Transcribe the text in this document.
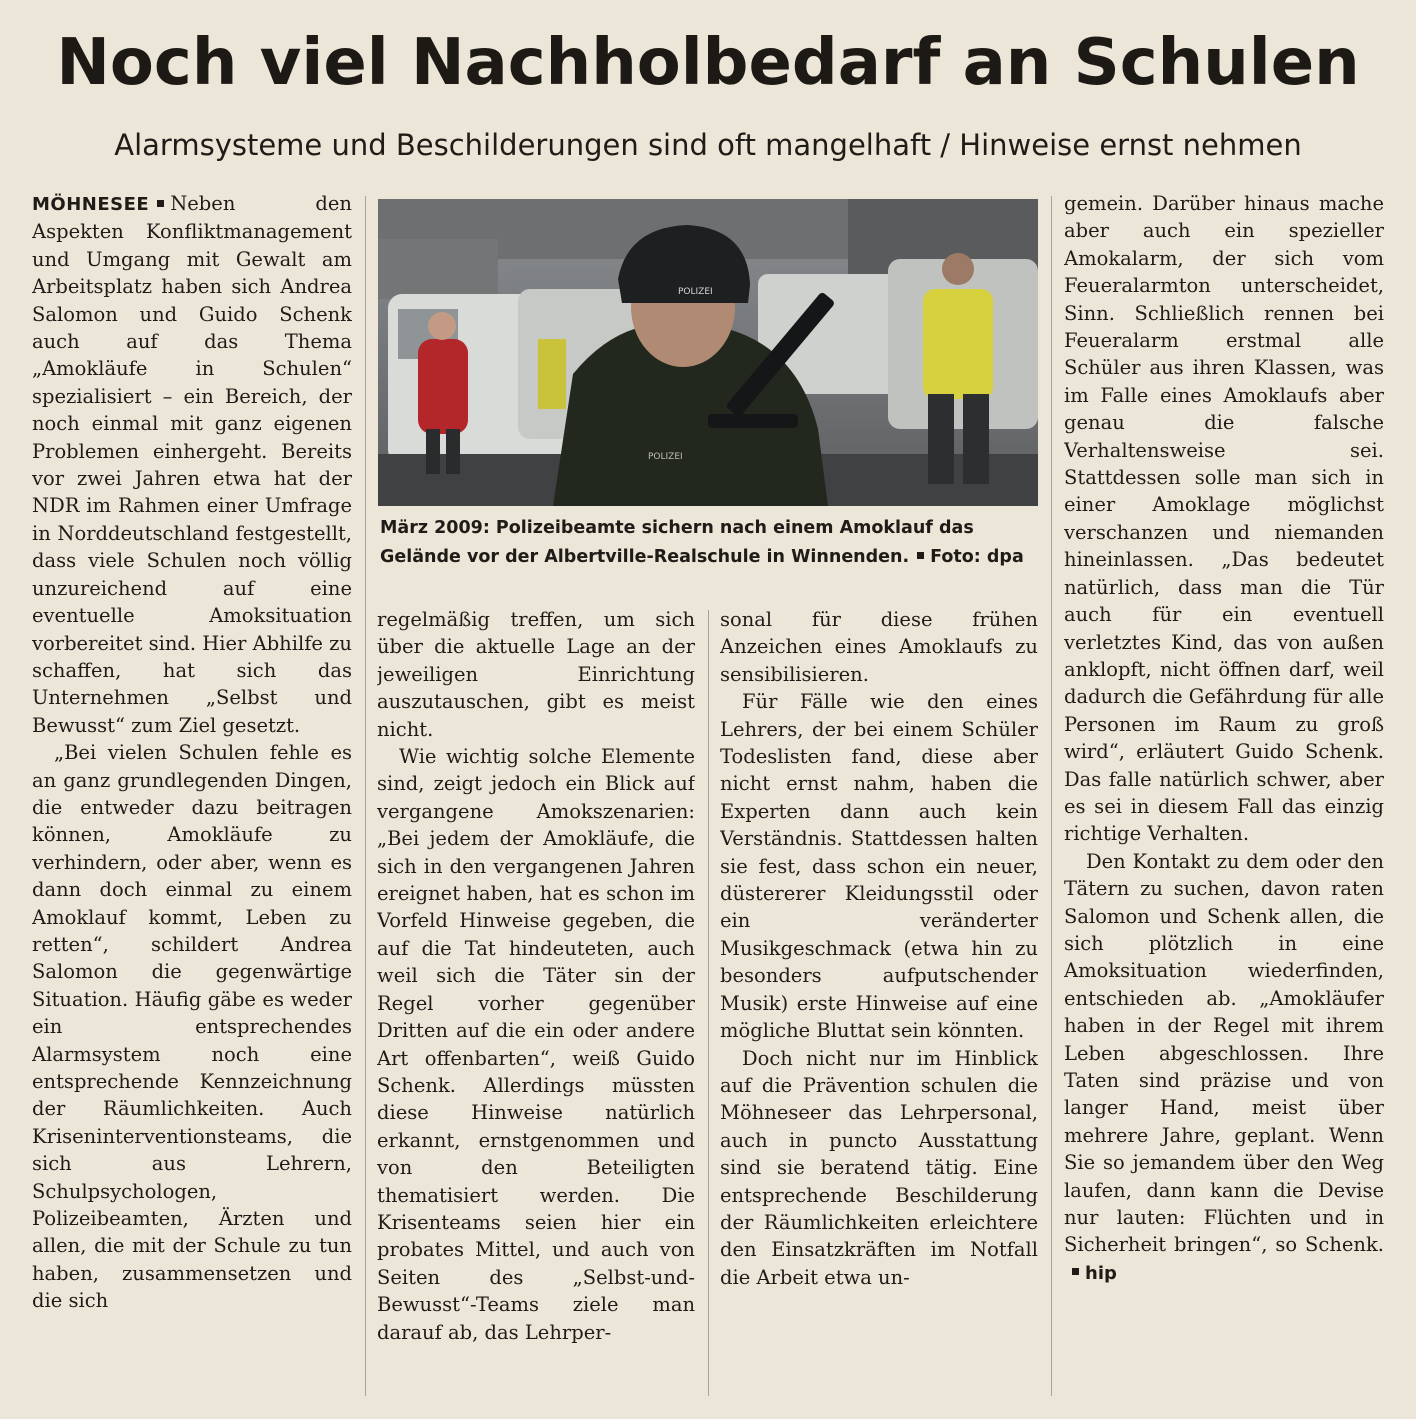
Noch viel Nachholbedarf an Schulen
Alarmsysteme und Beschilderungen sind oft mangelhaft / Hinweise ernst nehmen

MÖHNESEE Neben den Aspekten Konfliktmanagement und Umgang mit Gewalt am Arbeitsplatz haben sich Andrea Salomon und Guido Schenk auch auf das Thema „Amokläufe in Schulen“ spezialisiert – ein Bereich, der noch einmal mit ganz eigenen Problemen einhergeht. Bereits vor zwei Jahren etwa hat der NDR im Rahmen einer Umfrage in Norddeutschland festgestellt, dass viele Schulen noch völlig unzureichend auf eine eventuelle Amoksituation vorbereitet sind. Hier Abhilfe zu schaffen, hat sich das Unternehmen „Selbst und Bewusst“ zum Ziel gesetzt.

„Bei vielen Schulen fehle es an ganz grundlegenden Dingen, die entweder dazu beitragen können, Amokläufe zu verhindern, oder aber, wenn es dann doch einmal zu einem Amoklauf kommt, Leben zu retten“, schildert Andrea Salomon die gegenwärtige Situation. Häufig gäbe es weder ein entsprechendes Alarmsystem noch eine entsprechende Kennzeichnung der Räumlichkeiten. Auch Kriseninterventionsteams, die sich aus Lehrern, Schulpsychologen, Polizeibeamten, Ärzten und allen, die mit der Schule zu tun haben, zusammensetzen und die sich

POLIZEI
POLIZEI
März 2009: Polizeibeamte sichern nach einem Amoklauf das Gelände vor der Albertville-Realschule in Winnenden. Foto: dpa

regelmäßig treffen, um sich über die aktuelle Lage an der jeweiligen Einrichtung auszutauschen, gibt es meist nicht.

Wie wichtig solche Elemente sind, zeigt jedoch ein Blick auf vergangene Amokszenarien: „Bei jedem der Amokläufe, die sich in den vergangenen Jahren ereignet haben, hat es schon im Vorfeld Hinweise gegeben, die auf die Tat hindeuteten, auch weil sich die Täter sin der Regel vorher gegenüber Dritten auf die ein oder andere Art offenbarten“, weiß Guido Schenk. Allerdings müssten diese Hinweise natürlich erkannt, ernstgenommen und von den Beteiligten thematisiert werden. Die Krisenteams seien hier ein probates Mittel, und auch von Seiten des „Selbst-und-Bewusst“-Teams ziele man darauf ab, das Lehrper-

sonal für diese frühen Anzeichen eines Amoklaufs zu sensibilisieren.

Für Fälle wie den eines Lehrers, der bei einem Schüler Todeslisten fand, diese aber nicht ernst nahm, haben die Experten dann auch kein Verständnis. Stattdessen halten sie fest, dass schon ein neuer, düstererer Kleidungsstil oder ein veränderter Musikgeschmack (etwa hin zu besonders aufputschender Musik) erste Hinweise auf eine mögliche Bluttat sein könnten.

Doch nicht nur im Hinblick auf die Prävention schulen die Möhneseer das Lehrpersonal, auch in puncto Ausstattung sind sie beratend tätig. Eine entsprechende Beschilderung der Räumlichkeiten erleichtere den Einsatzkräften im Notfall die Arbeit etwa un-

gemein. Darüber hinaus mache aber auch ein spezieller Amokalarm, der sich vom Feueralarmton unterscheidet, Sinn. Schließlich rennen bei Feueralarm erstmal alle Schüler aus ihren Klassen, was im Falle eines Amoklaufs aber genau die falsche Verhaltensweise sei. Stattdessen solle man sich in einer Amoklage möglichst verschanzen und niemanden hineinlassen. „Das bedeutet natürlich, dass man die Tür auch für ein eventuell verletztes Kind, das von außen anklopft, nicht öffnen darf, weil dadurch die Gefährdung für alle Personen im Raum zu groß wird“, erläutert Guido Schenk. Das falle natürlich schwer, aber es sei in diesem Fall das einzig richtige Verhalten.

Den Kontakt zu dem oder den Tätern zu suchen, davon raten Salomon und Schenk allen, die sich plötzlich in eine Amoksituation wiederfinden, entschieden ab. „Amokläufer haben in der Regel mit ihrem Leben abgeschlossen. Ihre Taten sind präzise und von langer Hand, meist über mehrere Jahre, geplant. Wenn Sie so jemandem über den Weg laufen, dann kann die Devise nur lauten: Flüchten und in Sicherheit bringen“, so Schenk.hip
